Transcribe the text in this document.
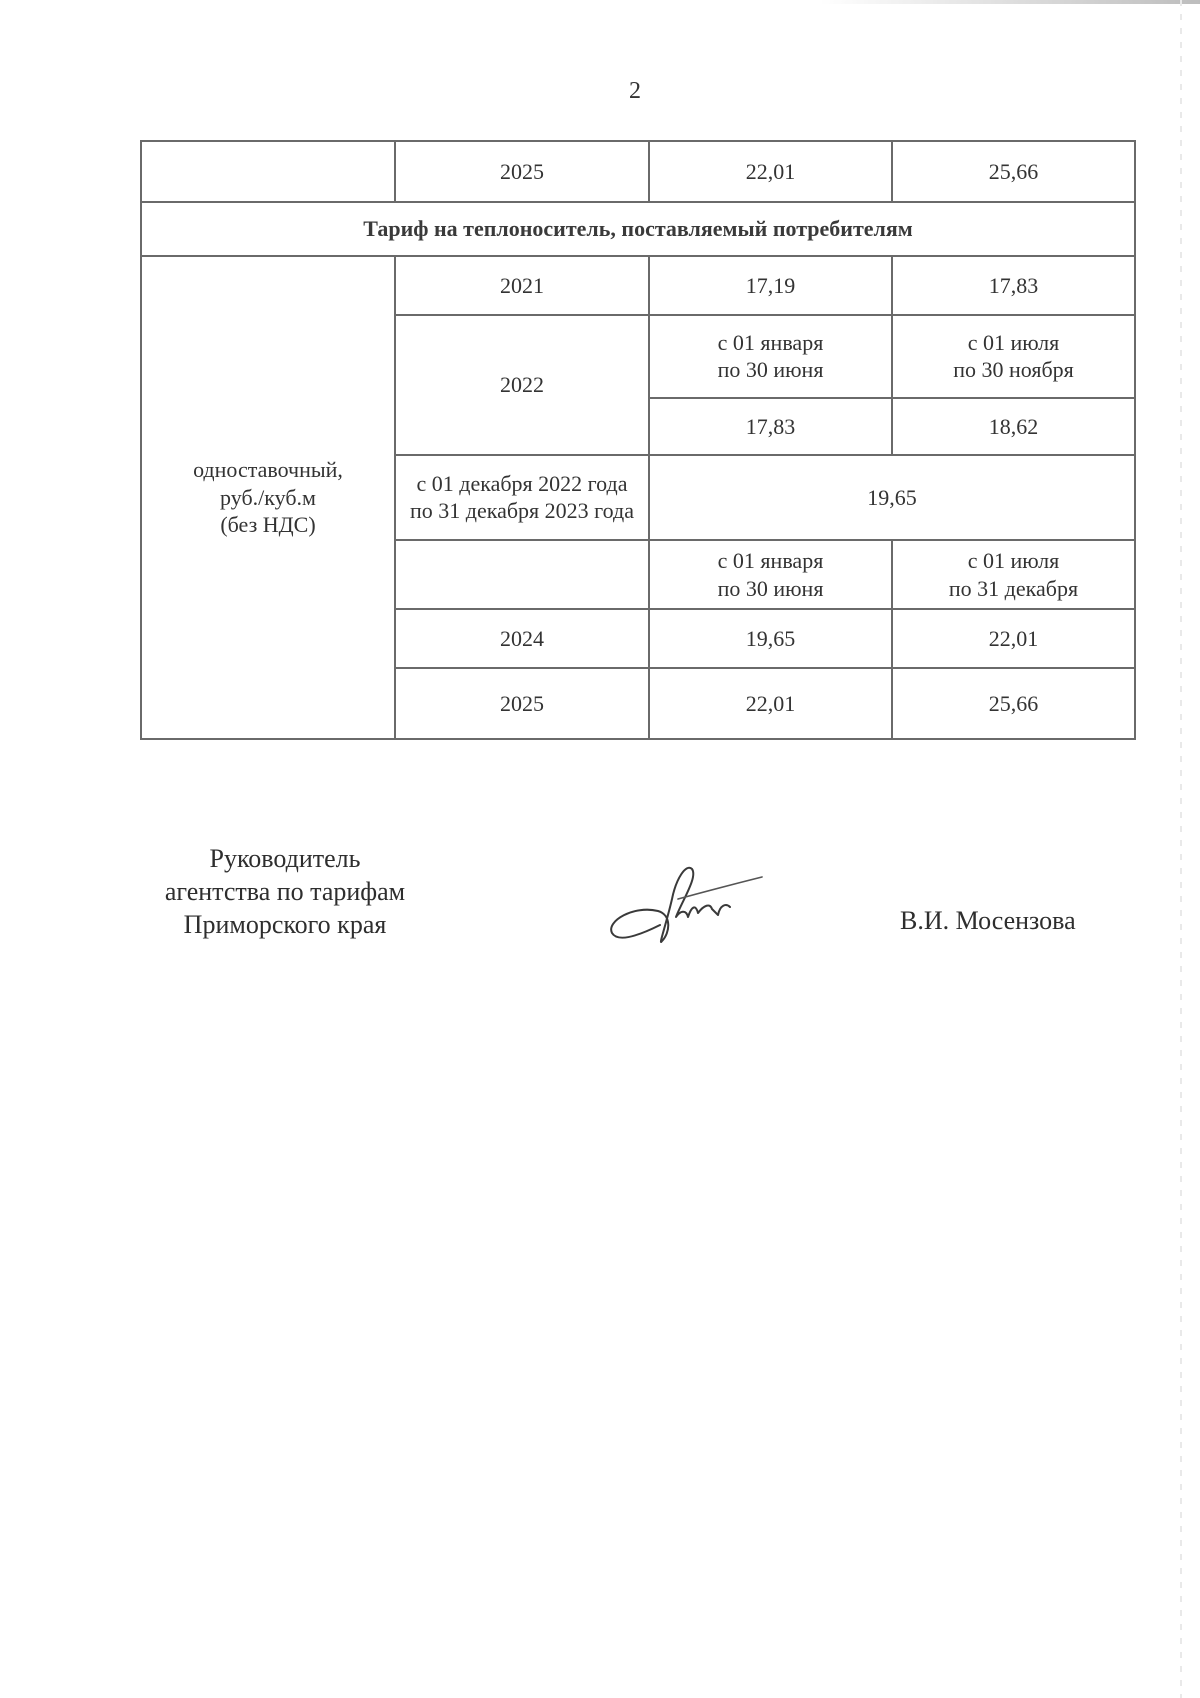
2
	2025	22,01	25,66
Тариф на теплоноситель, поставляемый потребителям			

одноставочный,
руб./куб.м
(без НДС)	2021	17,19	17,83
	2022	с 01 января
по 30 июня	с 01 июля
по 30 ноября

		17,83	18,62

	с 01 декабря 2022 года
по 31 декабря 2023 года	19,65	

		с 01 января
по 30 июня	с 01 июля
по 31 декабря

	2024	19,65	22,01
	2025	22,01	25,66
Руководитель
агентства по тарифам
Приморского края	В.И. Мосензова
